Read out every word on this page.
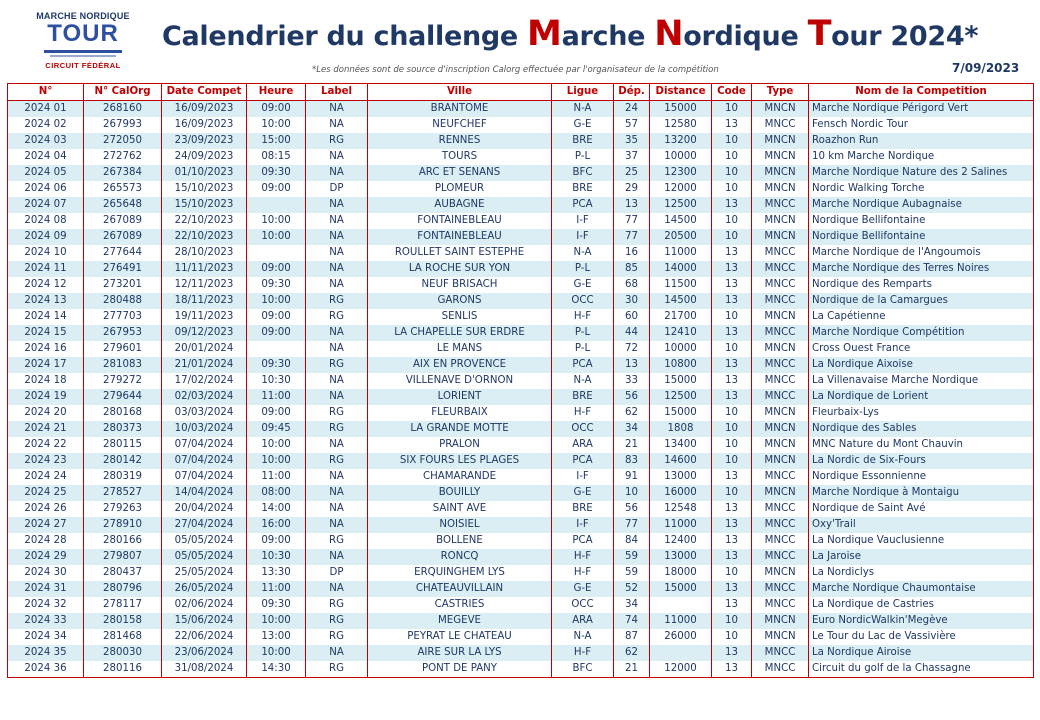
MARCHE NORDIQUE
TOUR
CIRCUIT FÉDÉRAL
Calendrier du challenge Marche Nordique Tour 2024*
*Les données sont de source d'inscription Calorg effectuée par l'organisateur de la compétition	7/09/2023
N°	N° CalOrg	Date Compet	Heure	Label	Ville	Ligue	Dép.	Distance	Code	Type	Nom de la Competition
2024 01	268160	16/09/2023	09:00	NA	BRANTOME	N-A	24	15000	10	MNCN	Marche Nordique Périgord Vert
2024 02	267993	16/09/2023	10:00	NA	NEUFCHEF	G-E	57	12580	13	MNCC	Fensch Nordic Tour
2024 03	272050	23/09/2023	15:00	RG	RENNES	BRE	35	13200	10	MNCN	Roazhon Run
2024 04	272762	24/09/2023	08:15	NA	TOURS	P-L	37	10000	10	MNCN	10 km Marche Nordique
2024 05	267384	01/10/2023	09:30	NA	ARC ET SENANS	BFC	25	12300	10	MNCN	Marche Nordique Nature des 2 Salines
2024 06	265573	15/10/2023	09:00	DP	PLOMEUR	BRE	29	12000	10	MNCN	Nordic Walking Torche
2024 07	265648	15/10/2023		NA	AUBAGNE	PCA	13	12500	13	MNCC	Marche Nordique Aubagnaise
2024 08	267089	22/10/2023	10:00	NA	FONTAINEBLEAU	I-F	77	14500	10	MNCN	Nordique Bellifontaine
2024 09	267089	22/10/2023	10:00	NA	FONTAINEBLEAU	I-F	77	20500	10	MNCN	Nordique Bellifontaine
2024 10	277644	28/10/2023		NA	ROULLET SAINT ESTEPHE	N-A	16	11000	13	MNCC	Marche Nordique de l'Angoumois
2024 11	276491	11/11/2023	09:00	NA	LA ROCHE SUR YON	P-L	85	14000	13	MNCC	Marche Nordique des Terres Noires
2024 12	273201	12/11/2023	09:30	NA	NEUF BRISACH	G-E	68	11500	13	MNCC	Nordique des Remparts
2024 13	280488	18/11/2023	10:00	RG	GARONS	OCC	30	14500	13	MNCC	Nordique de la Camargues
2024 14	277703	19/11/2023	09:00	RG	SENLIS	H-F	60	21700	10	MNCN	La Capétienne
2024 15	267953	09/12/2023	09:00	NA	LA CHAPELLE SUR ERDRE	P-L	44	12410	13	MNCC	Marche Nordique Compétition
2024 16	279601	20/01/2024		NA	LE MANS	P-L	72	10000	10	MNCN	Cross Ouest France
2024 17	281083	21/01/2024	09:30	RG	AIX EN PROVENCE	PCA	13	10800	13	MNCC	La Nordique Aixoise
2024 18	279272	17/02/2024	10:30	NA	VILLENAVE D'ORNON	N-A	33	15000	13	MNCC	La Villenavaise Marche Nordique
2024 19	279644	02/03/2024	11:00	NA	LORIENT	BRE	56	12500	13	MNCC	La Nordique de Lorient
2024 20	280168	03/03/2024	09:00	RG	FLEURBAIX	H-F	62	15000	10	MNCN	Fleurbaix-Lys
2024 21	280373	10/03/2024	09:45	RG	LA GRANDE MOTTE	OCC	34	1808	10	MNCN	Nordique des Sables
2024 22	280115	07/04/2024	10:00	NA	PRALON	ARA	21	13400	10	MNCN	MNC Nature du Mont Chauvin
2024 23	280142	07/04/2024	10:00	RG	SIX FOURS LES PLAGES	PCA	83	14600	10	MNCN	La Nordic de Six-Fours
2024 24	280319	07/04/2024	11:00	NA	CHAMARANDE	I-F	91	13000	13	MNCC	Nordique Essonnienne
2024 25	278527	14/04/2024	08:00	NA	BOUILLY	G-E	10	16000	10	MNCN	Marche Nordique à Montaigu
2024 26	279263	20/04/2024	14:00	NA	SAINT AVE	BRE	56	12548	13	MNCC	Nordique de Saint Avé
2024 27	278910	27/04/2024	16:00	NA	NOISIEL	I-F	77	11000	13	MNCC	Oxy'Trail
2024 28	280166	05/05/2024	09:00	RG	BOLLENE	PCA	84	12400	13	MNCC	La Nordique Vauclusienne
2024 29	279807	05/05/2024	10:30	NA	RONCQ	H-F	59	13000	13	MNCC	La Jaroise
2024 30	280437	25/05/2024	13:30	DP	ERQUINGHEM LYS	H-F	59	18000	10	MNCN	La Nordiclys
2024 31	280796	26/05/2024	11:00	NA	CHATEAUVILLAIN	G-E	52	15000	13	MNCC	Marche Nordique Chaumontaise
2024 32	278117	02/06/2024	09:30	RG	CASTRIES	OCC	34		13	MNCC	La Nordique de Castries
2024 33	280158	15/06/2024	10:00	RG	MEGEVE	ARA	74	11000	10	MNCN	Euro NordicWalkin'Megève
2024 34	281468	22/06/2024	13:00	RG	PEYRAT LE CHATEAU	N-A	87	26000	10	MNCN	Le Tour du Lac de Vassivière
2024 35	280030	23/06/2024	10:00	NA	AIRE SUR LA LYS	H-F	62		13	MNCC	La Nordique Airoise
2024 36	280116	31/08/2024	14:30	RG	PONT DE PANY	BFC	21	12000	13	MNCC	Circuit du golf de la Chassagne
